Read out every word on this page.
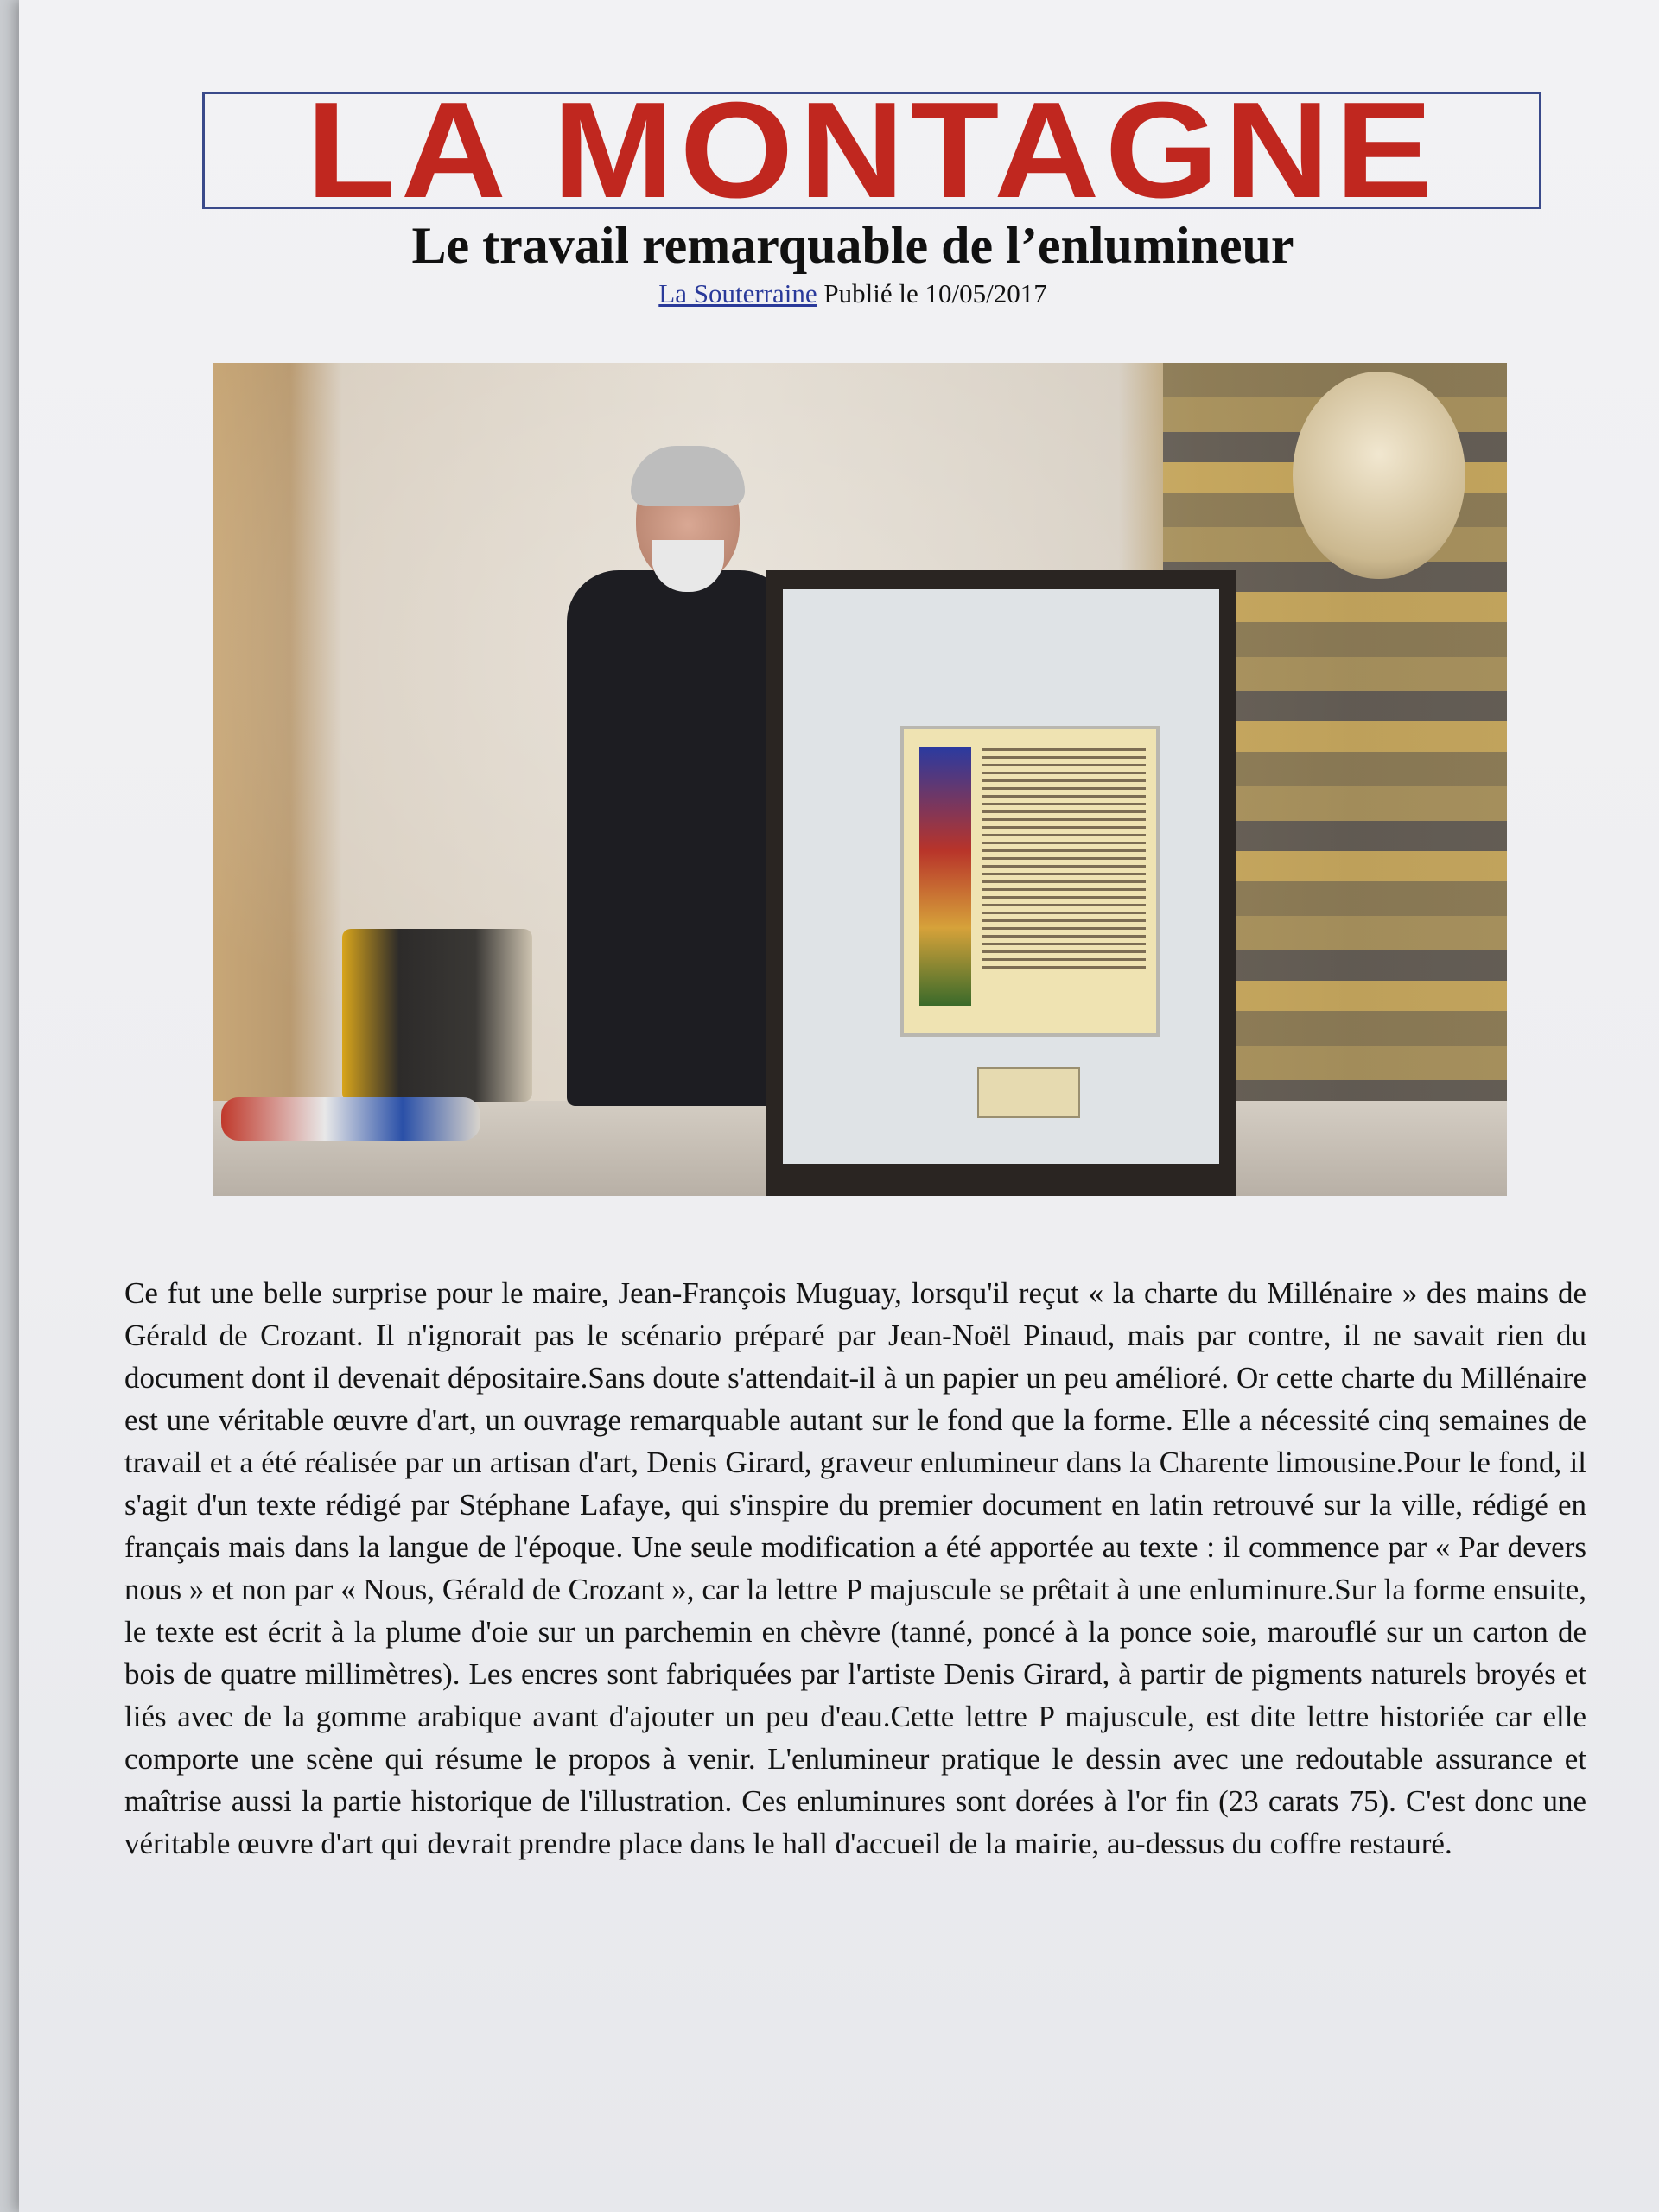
LA MONTAGNE
Le travail remarquable de l’enlumineur
La Souterraine Publié le 10/05/2017
Ce fut une belle surprise pour le maire, Jean-François Muguay, lorsqu'il reçut « la charte du Millénaire » des mains de Gérald de Crozant. Il n'ignorait pas le scénario préparé par Jean-Noël Pinaud, mais par contre, il ne savait rien du document dont il devenait dépositaire.Sans doute s'attendait-il à un papier un peu amélioré. Or cette charte du Millénaire est une véritable œuvre d'art, un ouvrage remarquable autant sur le fond que la forme. Elle a nécessité cinq semaines de travail et a été réalisée par un artisan d'art, Denis Girard, graveur enlumineur dans la Charente limousine.Pour le fond, il s'agit d'un texte rédigé par Stéphane Lafaye, qui s'inspire du premier document en latin retrouvé sur la ville, rédigé en français mais dans la langue de l'époque. Une seule modification a été apportée au texte : il commence par « Par devers nous » et non par « Nous, Gérald de Crozant », car la lettre P majuscule se prêtait à une enluminure.Sur la forme ensuite, le texte est écrit à la plume d'oie sur un parchemin en chèvre (tanné, poncé à la ponce soie, marouflé sur un carton de bois de quatre millimètres). Les encres sont fabriquées par l'artiste Denis Girard, à partir de pigments naturels broyés et liés avec de la gomme arabique avant d'ajouter un peu d'eau.Cette lettre P majuscule, est dite lettre historiée car elle comporte une scène qui résume le propos à venir. L'enlumineur pratique le dessin avec une redoutable assurance et maîtrise aussi la partie historique de l'illustration. Ces enluminures sont dorées à l'or fin (23 carats 75). C'est donc une véritable œuvre d'art qui devrait prendre place dans le hall d'accueil de la mairie, au-dessus du coffre restauré.
